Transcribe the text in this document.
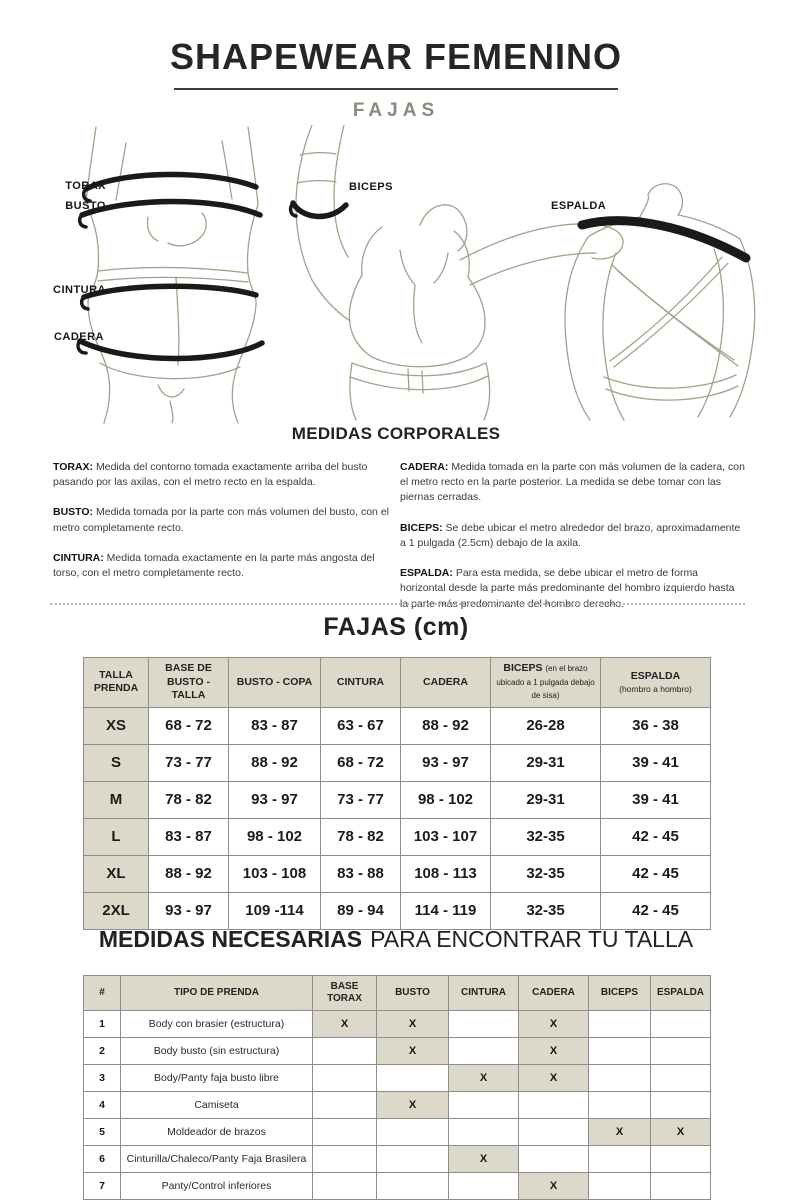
SHAPEWEAR FEMENINO
FAJAS
TORAX
BUSTO
CINTURA
CADERA
BICEPS
ESPALDA
MEDIDAS CORPORALES

TORAX: Medida del contorno tomada exactamente arriba del busto pasando por las axilas, con el metro recto en la espalda.

BUSTO: Medida tomada por la parte con más volumen del busto, con el metro completamente recto.

CINTURA: Medida tomada exactamente en la parte más angosta del torso, con el metro completamente recto.

CADERA: Medida tomada en la parte con más volumen de la cadera, con el metro recto en la parte posterior. La medida se debe tomar con las piernas cerradas.

BICEPS: Se debe ubicar el metro alrededor del brazo, aproximadamente a 1 pulgada (2.5cm) debajo de la axila.

ESPALDA: Para esta medida, se debe ubicar el metro de forma horizontal desde la parte más predominante del hombro izquierdo hasta la parte más predominante del hombro derecho.

FAJAS (cm)
TALLA PRENDA	BASE DE BUSTO - TALLA	BUSTO - COPA	CINTURA	CADERA	BICEPS (en el brazo ubicado a 1 pulgada debajo de sisa)	ESPALDA
(hombro a hombro)

XS	68 - 72	83 - 87	63 - 67	88 - 92	26-28	36 - 38
S	73 - 77	88 - 92	68 - 72	93 - 97	29-31	39 - 41
M	78 - 82	93 - 97	73 - 77	98 - 102	29-31	39 - 41
L	83 - 87	98 - 102	78 - 82	103 - 107	32-35	42 - 45
XL	88 - 92	103 - 108	83 - 88	108 - 113	32-35	42 - 45
2XL	93 - 97	109 -114	89 - 94	114 - 119	32-35	42 - 45
MEDIDAS NECESARIAS PARA ENCONTRAR TU TALLA
#	TIPO DE PRENDA	BASE TORAX	BUSTO	CINTURA	CADERA	BICEPS	ESPALDA
1	Body con brasier (estructura)	X	X		X		
2	Body busto (sin estructura)		X		X		
3	Body/Panty faja busto libre			X	X		
4	Camiseta		X				
5	Moldeador de brazos					X	X
6	Cinturilla/Chaleco/Panty Faja Brasilera			X			
7	Panty/Control inferiores				X		
